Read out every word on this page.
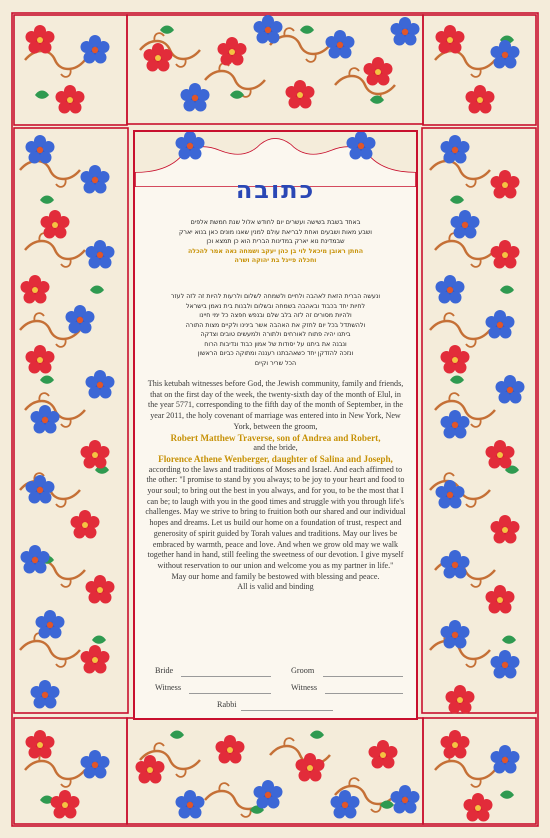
כתובה
באחד בשבת בשישה ועשרים יום לחודש אלול שנת חמשת אלפים
ושבע מאות ושבעים ואחת לבריאת עולם למנין שאנו מונים כאן בנוא יארק
שבמדינת נוא יארק במדינות הברית הוא כן תמצא וכן
החתן ראובן מיכאל לוי בן כהן יעקב ושמחה נאה אמר להכלה
וחכלה פייגל בת יהוקה ושרה
ונעשה הברית הזאת לאהבה ולחיים ולשמחה לשלום ולרעות להיות זה לזה לעזר
לחיות יחד בכבוד ובאהבה בשמחה ובשלום ולבנות בית נאמן בישראל
ולהיות מסורים זה לזה בלב שלם ובנפש חפצה כל ימי חיינו
ולהשתדל בכל יום לחזק את האהבה אשר בינינו ולקיים מצות התורה
ביתנו יהיה פתוח לאורחים ולתורה ולמעשים טובים וצדקה
ונבנה את ביתנו על יסודות של אמון כבוד ונדיבות הרוח
ונזכה להזדקן יחד כשאהבתנו רעננה ומתוקה כביום הראשון
הכל שריר וקיים

This ketubah witnesses before God, the Jewish community, family and friends, that on the first day of the week, the twenty-sixth day of the month of Elul, in the year 5771, corresponding to the fifth day of the month of September, in the year 2011, the holy covenant of marriage was entered into in New York, New York, between the groom,

Robert Matthew Traverse, son of Andrea and Robert,

and the bride,

Florence Athene Wenberger, daughter of Salina and Joseph,

according to the laws and traditions of Moses and Israel. And each affirmed to the other: "I promise to stand by you always; to be joy to your heart and food to your soul; to bring out the best in you always, and for you, to be the most that I can be; to laugh with you in the good times and struggle with you through life's challenges. May we strive to bring to fruition both our shared and our individual hopes and dreams. Let us build our home on a foundation of trust, respect and generosity of spirit guided by Torah values and traditions. May our lives be embraced by warmth, peace and love. And when we grow old may we walk together hand in hand, still feeling the sweetness of our devotion. I give myself without reservation to our union and welcome you as my partner in life."

May our home and family be bestowed with blessing and peace.

All is valid and binding

Bride	Groom
Witness	Witness
Rabbi
